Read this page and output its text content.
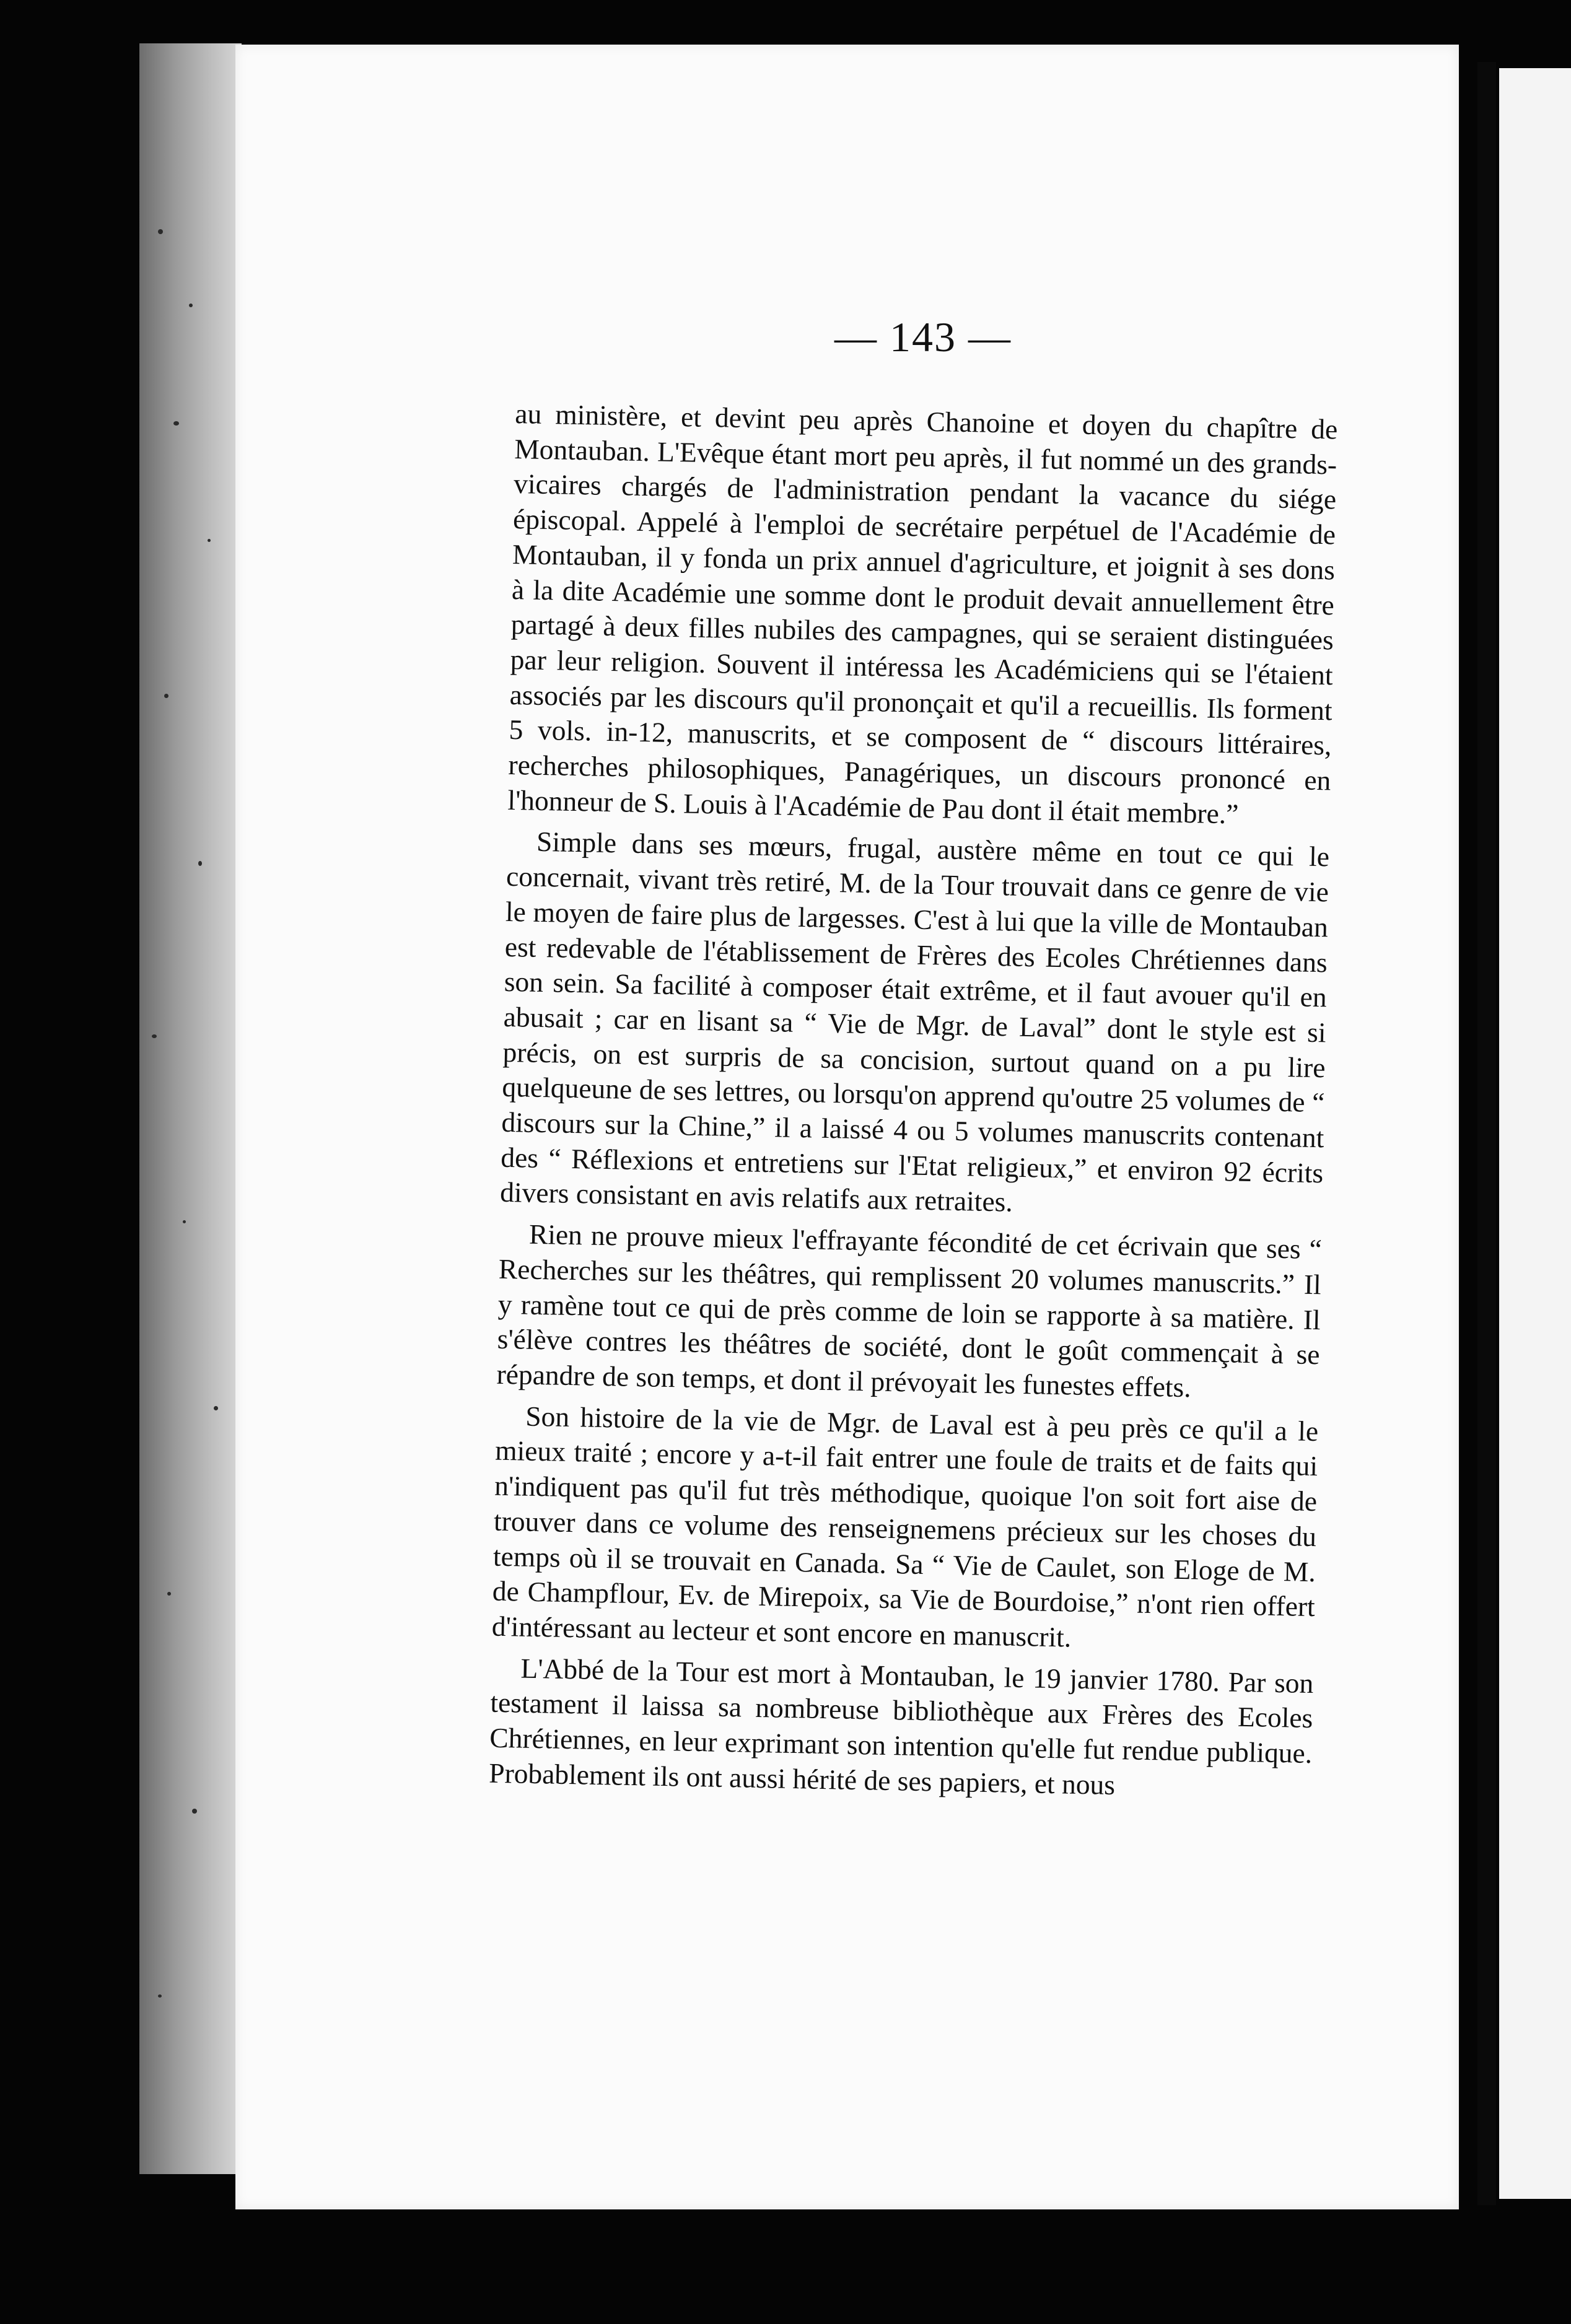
— 143 —

au ministère, et devint peu après Chanoine et doyen du chapître de Montauban. L'Evêque étant mort peu après, il fut nommé un des grands-vicaires chargés de l'administration pendant la vacance du siége épiscopal. Appelé à l'emploi de secrétaire perpétuel de l'Académie de Montauban, il y fonda un prix annuel d'agriculture, et joignit à ses dons à la dite Académie une somme dont le produit devait annuellement être partagé à deux filles nubiles des campagnes, qui se seraient distinguées par leur religion. Souvent il intéressa les Académiciens qui se l'étaient associés par les discours qu'il prononçait et qu'il a recueillis. Ils forment 5 vols. in-12, manuscrits, et se composent de “ discours littéraires, recherches philosophiques, Panagériques, un discours prononcé en l'honneur de S. Louis à l'Académie de Pau dont il était membre.”

Simple dans ses mœurs, frugal, austère même en tout ce qui le concernait, vivant très retiré, M. de la Tour trouvait dans ce genre de vie le moyen de faire plus de largesses. C'est à lui que la ville de Montauban est redevable de l'établissement de Frères des Ecoles Chrétiennes dans son sein. Sa facilité à composer était extrême, et il faut avouer qu'il en abusait ; car en lisant sa “ Vie de Mgr. de Laval” dont le style est si précis, on est surpris de sa concision, surtout quand on a pu lire quelqueune de ses lettres, ou lorsqu'on apprend qu'outre 25 volumes de “ discours sur la Chine,” il a laissé 4 ou 5 volumes manuscrits contenant des “ Réflexions et entretiens sur l'Etat religieux,” et environ 92 écrits divers consistant en avis relatifs aux retraites.

Rien ne prouve mieux l'effrayante fécondité de cet écrivain que ses “ Recherches sur les théâtres, qui remplissent 20 volumes manuscrits.” Il y ramène tout ce qui de près comme de loin se rapporte à sa matière. Il s'élève contres les théâtres de société, dont le goût commençait à se répandre de son temps, et dont il prévoyait les funestes effets.

Son histoire de la vie de Mgr. de Laval est à peu près ce qu'il a le mieux traité ; encore y a-t-il fait entrer une foule de traits et de faits qui n'indiquent pas qu'il fut très méthodique, quoique l'on soit fort aise de trouver dans ce volume des renseignemens précieux sur les choses du temps où il se trouvait en Canada. Sa “ Vie de Caulet, son Eloge de M. de Champflour, Ev. de Mirepoix, sa Vie de Bourdoise,” n'ont rien offert d'intéressant au lecteur et sont encore en manuscrit.

L'Abbé de la Tour est mort à Montauban, le 19 janvier 1780. Par son testament il laissa sa nombreuse bibliothèque aux Frères des Ecoles Chrétiennes, en leur exprimant son intention qu'elle fut rendue publique. Probablement ils ont aussi hérité de ses papiers, et nous
